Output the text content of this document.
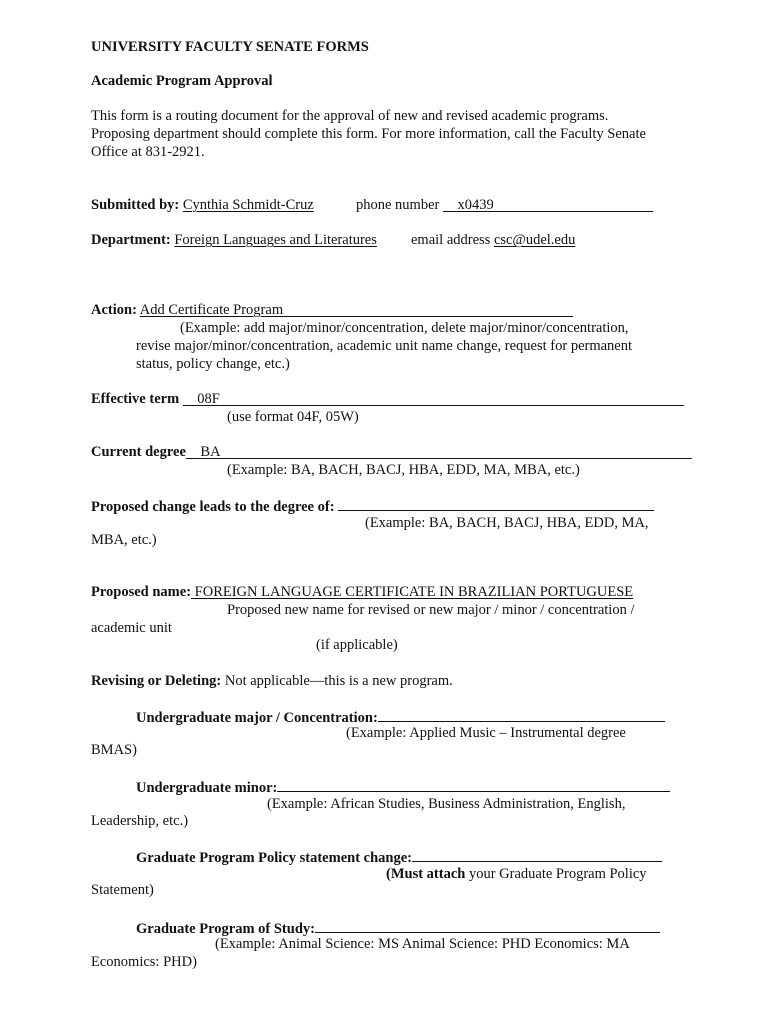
UNIVERSITY FACULTY SENATE FORMS
Academic Program Approval
This form is a routing document for the approval of new and revised academic programs.
Proposing department should complete this form. For more information, call the Faculty Senate
Office at 831-2921.
Submitted by: Cynthia Schmidt-Cruz	phone number x0439
Department: Foreign Languages and Literatures email address csc@udel.edu
Action: Add Certificate Program
(Example: add major/minor/concentration, delete major/minor/concentration,
revise major/minor/concentration, academic unit name change, request for permanent
status, policy change, etc.)
Effective term 08F
(use format 04F, 05W)
Current degree BA
(Example: BA, BACH, BACJ, HBA, EDD, MA, MBA, etc.)
Proposed change leads to the degree of:
(Example: BA, BACH, BACJ, HBA, EDD, MA,
MBA, etc.)
Proposed name: FOREIGN LANGUAGE CERTIFICATE IN BRAZILIAN PORTUGUESE
Proposed new name for revised or new major / minor / concentration /
academic unit
(if applicable)
Revising or Deleting: Not applicable—this is a new program.
Undergraduate major / Concentration:
(Example: Applied Music – Instrumental degree
BMAS)
Undergraduate minor:
(Example: African Studies, Business Administration, English,
Leadership, etc.)
Graduate Program Policy statement change:
(Must attach your Graduate Program Policy
Statement)
Graduate Program of Study:
(Example: Animal Science: MS Animal Science: PHD Economics: MA
Economics: PHD)
